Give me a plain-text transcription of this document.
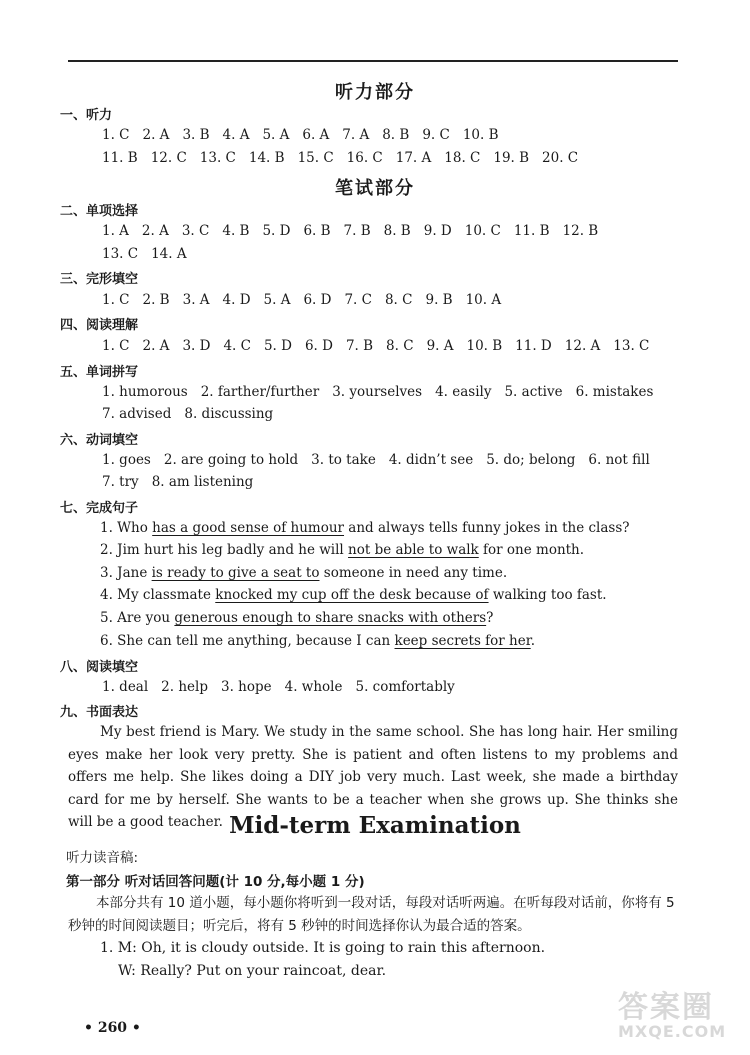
听力部分
一、听力
1. C 2. A 3. B 4. A 5. A 6. A 7. A 8. B 9. C 10. B
11. B 12. C 13. C 14. B 15. C 16. C 17. A 18. C 19. B 20. C
笔试部分
二、单项选择
1. A 2. A 3. C 4. B 5. D 6. B 7. B 8. B 9. D 10. C 11. B 12. B
13. C 14. A
三、完形填空
1. C 2. B 3. A 4. D 5. A 6. D 7. C 8. C 9. B 10. A
四、阅读理解
1. C 2. A 3. D 4. C 5. D 6. D 7. B 8. C 9. A 10. B 11. D 12. A 13. C
五、单词拼写
1. humorous 2. farther/further 3. yourselves 4. easily 5. active 6. mistakes
7. advised 8. discussing
六、动词填空
1. goes 2. are going to hold 3. to take 4. didn’t see 5. do; belong 6. not fill
7. try 8. am listening
七、完成句子
1. Who has a good sense of humour and always tells funny jokes in the class?
2. Jim hurt his leg badly and he will not be able to walk for one month.
3. Jane is ready to give a seat to someone in need any time.
4. My classmate knocked my cup off the desk because of walking too fast.
5. Are you generous enough to share snacks with others?
6. She can tell me anything, because I can keep secrets for her.
八、阅读填空
1. deal 2. help 3. hope 4. whole 5. comfortably
九、书面表达
My best friend is Mary. We study in the same school. She has long hair. Her smiling eyes make her look very pretty. She is patient and often listens to my problems and offers me help. She likes doing a DIY job very much. Last week, she made a birthday card for me by herself. She wants to be a teacher when she grows up. She thinks she will be a good teacher. Mid-term Examination
听力读音稿:
第一部分 听对话回答问题(计 10 分,每小题 1 分)
本部分共有 10 道小题，每小题你将听到一段对话，每段对话听两遍。在听每段对话前，你将有 5 秒钟的时间阅读题目；听完后，将有 5 秒钟的时间选择你认为最合适的答案。
1. M: Oh, it is cloudy outside. It is going to rain this afternoon.
W: Really? Put on your raincoat, dear.
• 260 •
答案圈
MXQE.COM
